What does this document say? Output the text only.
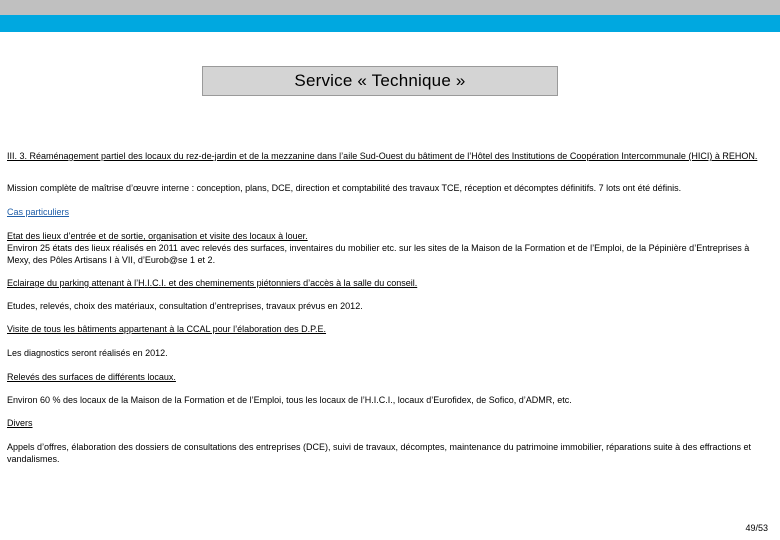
Service « Technique »

III. 3. Réaménagement partiel des locaux du rez-de-jardin et de la mezzanine dans l’aile Sud-Ouest du bâtiment de l’Hôtel des Institutions de Coopération Intercommunale (HICI) à REHON.

Mission complète de maîtrise d’œuvre interne : conception, plans, DCE, direction et comptabilité des travaux TCE, réception et décomptes définitifs. 7 lots ont été définis.

Cas particuliers

Etat des lieux d’entrée et de sortie, organisation et visite des locaux à louer.

Environ 25 états des lieux réalisés en 2011 avec relevés des surfaces, inventaires du mobilier etc. sur les sites de la Maison de la Formation et de l’Emploi, de la Pépinière d’Entreprises à Mexy, des Pôles Artisans I à VII, d’Eurob@se 1 et 2.

Eclairage du parking attenant à l’H.I.C.I. et des cheminements piétonniers d’accès à la salle du conseil.

Etudes, relevés, choix des matériaux, consultation d’entreprises, travaux prévus en 2012.

Visite de tous les bâtiments appartenant à la CCAL pour l’élaboration des D.P.E.

Les diagnostics seront réalisés en 2012.

Relevés des surfaces de différents locaux.

Environ 60 % des locaux de la Maison de la Formation et de l’Emploi, tous les locaux de l’H.I.C.I., locaux d’Eurofidex, de Sofico, d’ADMR, etc.

Divers

Appels d’offres, élaboration des dossiers de consultations des entreprises (DCE), suivi de travaux, décomptes, maintenance du patrimoine immobilier, réparations suite à des effractions et vandalismes.

49/53
